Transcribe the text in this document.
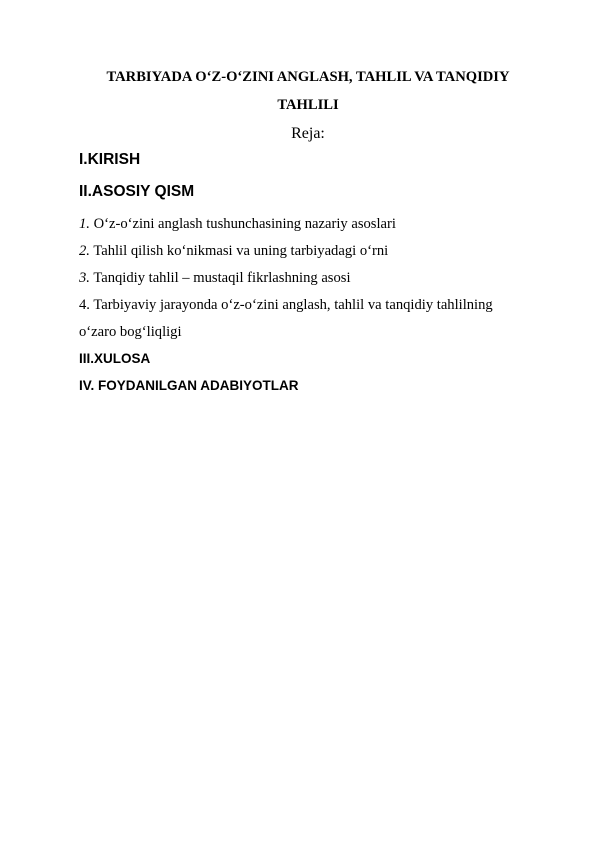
TARBIYADA O‘Z-O‘ZINI ANGLASH, TAHLIL VA TANQIDIY
TAHLILI
Reja:
I.KIRISH
II.ASOSIY QISM
1. O‘z-o‘zini anglash tushunchasining nazariy asoslari
2. Tahlil qilish ko‘nikmasi va uning tarbiyadagi o‘rni
3. Tanqidiy tahlil – mustaqil fikrlashning asosi
4. Tarbiyaviy jarayonda o‘z-o‘zini anglash, tahlil va tanqidiy tahlilning
o‘zaro bog‘liqligi
III.XULOSA
IV. FOYDANILGAN ADABIYOTLAR
